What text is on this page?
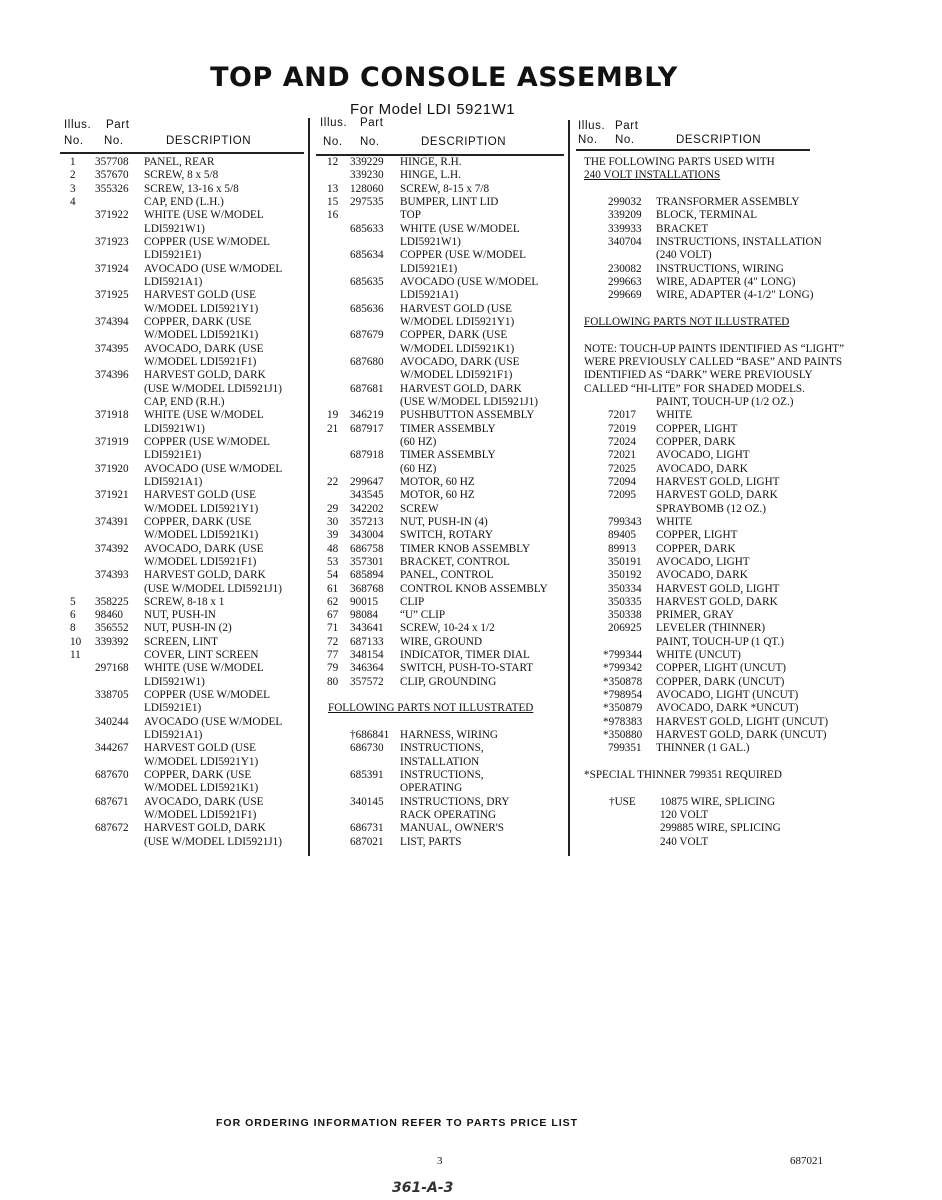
TOP AND CONSOLE ASSEMBLY
For Model LDI 5921W1
Illus. Part
No. No.	DESCRIPTION
Illus. Part
No. No.	DESCRIPTION
Illus. Part
No. No.	DESCRIPTION
1 357708 PANEL, REAR
2 357670 SCREW, 8 x 5/8
3 355326 SCREW, 13-16 x 5/8
4	CAP, END (L.H.)
371922 WHITE (USE W/MODEL
LDI5921W1)
371923 COPPER (USE W/MODEL
LDI5921E1)
371924 AVOCADO (USE W/MODEL
LDI5921A1)
371925 HARVEST GOLD (USE
W/MODEL LDI5921Y1)
374394 COPPER, DARK (USE
W/MODEL LDI5921K1)
374395 AVOCADO, DARK (USE
W/MODEL LDI5921F1)
374396 HARVEST GOLD, DARK
(USE W/MODEL LDI5921J1)
CAP, END (R.H.)
371918 WHITE (USE W/MODEL
LDI5921W1)
371919 COPPER (USE W/MODEL
LDI5921E1)
371920 AVOCADO (USE W/MODEL
LDI5921A1)
371921 HARVEST GOLD (USE
W/MODEL LDI5921Y1)
374391 COPPER, DARK (USE
W/MODEL LDI5921K1)
374392 AVOCADO, DARK (USE
W/MODEL LDI5921F1)
374393 HARVEST GOLD, DARK
(USE W/MODEL LDI5921J1)
5 358225 SCREW, 8-18 x 1
6 98460 NUT, PUSH-IN
8 356552 NUT, PUSH-IN (2)
10 339392 SCREEN, LINT
11	COVER, LINT SCREEN
297168 WHITE (USE W/MODEL
LDI5921W1)
338705 COPPER (USE W/MODEL
LDI5921E1)
340244 AVOCADO (USE W/MODEL
LDI5921A1)
344267 HARVEST GOLD (USE
W/MODEL LDI5921Y1)
687670 COPPER, DARK (USE
W/MODEL LDI5921K1)
687671 AVOCADO, DARK (USE
W/MODEL LDI5921F1)
687672 HARVEST GOLD, DARK
(USE W/MODEL LDI5921J1)
12 339229 HINGE, R.H.
339230 HINGE, L.H.
13 128060 SCREW, 8-15 x 7/8
15 297535 BUMPER, LINT LID
16	TOP
685633 WHITE (USE W/MODEL
LDI5921W1)
685634 COPPER (USE W/MODEL
LDI5921E1)
685635 AVOCADO (USE W/MODEL
LDI5921A1)
685636 HARVEST GOLD (USE
W/MODEL LDI5921Y1)
687679 COPPER, DARK (USE
W/MODEL LDI5921K1)
687680 AVOCADO, DARK (USE
W/MODEL LDI5921F1)
687681 HARVEST GOLD, DARK
(USE W/MODEL LDI5921J1)
19 346219 PUSHBUTTON ASSEMBLY
21 687917 TIMER ASSEMBLY
(60 HZ)
687918 TIMER ASSEMBLY
(60 HZ)
22 299647 MOTOR, 60 HZ
343545 MOTOR, 60 HZ
29 342202 SCREW
30 357213 NUT, PUSH-IN (4)
39 343004 SWITCH, ROTARY
48 686758 TIMER KNOB ASSEMBLY
53 357301 BRACKET, CONTROL
54 685894 PANEL, CONTROL
61 368768 CONTROL KNOB ASSEMBLY
62 90015 CLIP
67 98084 “U” CLIP
71 343641 SCREW, 10-24 x 1/2
72 687133 WIRE, GROUND
77 348154 INDICATOR, TIMER DIAL
79 346364 SWITCH, PUSH-TO-START
80 357572 CLIP, GROUNDING
FOLLOWING PARTS NOT ILLUSTRATED
†686841 HARNESS, WIRING
686730 INSTRUCTIONS,
INSTALLATION
685391 INSTRUCTIONS,
OPERATING
340145 INSTRUCTIONS, DRY
RACK OPERATING
686731 MANUAL, OWNER'S
687021 LIST, PARTS
THE FOLLOWING PARTS USED WITH
240 VOLT INSTALLATIONS
299032 TRANSFORMER ASSEMBLY
339209 BLOCK, TERMINAL
339933 BRACKET
340704 INSTRUCTIONS, INSTALLATION
(240 VOLT)
230082 INSTRUCTIONS, WIRING
299663 WIRE, ADAPTER (4" LONG)
299669 WIRE, ADAPTER (4-1/2" LONG)
FOLLOWING PARTS NOT ILLUSTRATED
NOTE: TOUCH-UP PAINTS IDENTIFIED AS “LIGHT”
WERE PREVIOUSLY CALLED “BASE” AND PAINTS
IDENTIFIED AS “DARK” WERE PREVIOUSLY
CALLED “HI-LITE” FOR SHADED MODELS.
PAINT, TOUCH-UP (1/2 OZ.)
72017 WHITE
72019 COPPER, LIGHT
72024 COPPER, DARK
72021 AVOCADO, LIGHT
72025 AVOCADO, DARK
72094 HARVEST GOLD, LIGHT
72095 HARVEST GOLD, DARK
SPRAYBOMB (12 OZ.)
799343 WHITE
89405 COPPER, LIGHT
89913 COPPER, DARK
350191 AVOCADO, LIGHT
350192 AVOCADO, DARK
350334 HARVEST GOLD, LIGHT
350335 HARVEST GOLD, DARK
350338 PRIMER, GRAY
206925 LEVELER (THINNER)
PAINT, TOUCH-UP (1 QT.)
*799344 WHITE (UNCUT)
*799342 COPPER, LIGHT (UNCUT)
*350878 COPPER, DARK (UNCUT)
*798954 AVOCADO, LIGHT (UNCUT)
*350879 AVOCADO, DARK *UNCUT)
*978383 HARVEST GOLD, LIGHT (UNCUT)
*350880 HARVEST GOLD, DARK (UNCUT)
799351 THINNER (1 GAL.)
*SPECIAL THINNER 799351 REQUIRED
†USE 10875 WIRE, SPLICING
120 VOLT
299885 WIRE, SPLICING
240 VOLT
FOR ORDERING INFORMATION REFER TO PARTS PRICE LIST
3	687021
361-A-3
